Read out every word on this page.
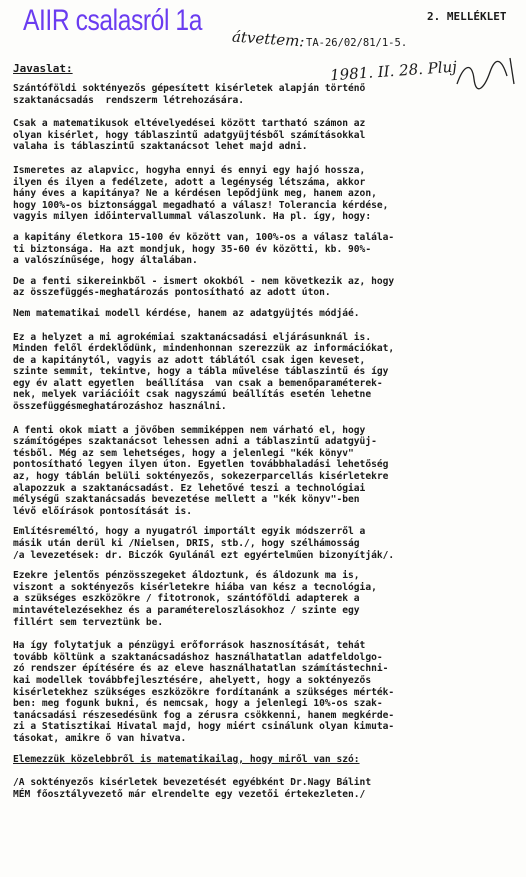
AIIR csalasról 1a	2. MELLÉKLET
átvettem: TA-26/02/81/1-5.
1981. II. 28. Pluj
Javaslat:

Szántóföldi soktényezős gépesített kisérletek alapján történő
szaktanácsadás  rendszerm létrehozására.

Csak a matematikusok eltévelyedései között tartható számon az
olyan kisérlet, hogy táblaszintű adatgyüjtésből számításokkal
valaha is táblaszintű szaktanácsot lehet majd adni.

Ismeretes az alapvicc, hogyha ennyi és ennyi egy hajó hossza,
ilyen és ilyen a fedélzete, adott a legénység létszáma, akkor
hány éves a kapitánya? Ne a kérdésen lepődjünk meg, hanem azon,
hogy 100%-os biztonsággal megadható a válasz! Tolerancia kérdése,
vagyis milyen időintervallummal válaszolunk. Ha pl. így, hogy:

a kapitány életkora 15-100 év között van, 100%-os a válasz talála-
ti biztonsága. Ha azt mondjuk, hogy 35-60 év közötti, kb. 90%-
a valószínűsége, hogy általában.

De a fenti sikereinkből - ismert okokból - nem következik az, hogy
az összefüggés-meghatározás pontosítható az adott úton.

Nem matematikai modell kérdése, hanem az adatgyüjtés módjáé.

Ez a helyzet a mi agrokémiai szaktanácsadási eljárásunknál is.
Minden felől érdeklődünk, mindenhonnan szerezzük az információkat,
de a kapitánytól, vagyis az adott táblától csak igen keveset,
szinte semmit, tekintve, hogy a tábla művelése táblaszintű és így
egy év alatt egyetlen  beállítása  van csak a bemenőparaméterek-
nek, melyek variációit csak nagyszámú beállítás esetén lehetne
összefüggésmeghatározáshoz használni.

A fenti okok miatt a jövőben semmiképpen nem várható el, hogy
számítógépes szaktanácsot lehessen adni a táblaszintű adatgyüj-
tésből. Még az sem lehetséges, hogy a jelenlegi "kék könyv"
pontosítható legyen ilyen úton. Egyetlen továbbhaladási lehetőség
az, hogy táblán belüli soktényezős, sokezerparcellás kisérletekre
alapozzuk a szaktanácsadást. Ez lehetővé teszi a technológiai
mélységű szaktanácsadás bevezetése mellett a "kék könyv"-ben
lévő előírások pontosítását is.

Említésreméltó, hogy a nyugatról importált egyik módszerről a
másik után derül ki /Nielsen, DRIS, stb./, hogy szélhámosság
/a levezetések: dr. Biczók Gyulánál ezt egyértelműen bizonyítják/.

Ezekre jelentős pénzösszegeket áldoztunk, és áldozunk ma is,
viszont a soktényezős kisérletekre hiába van kész a tecnológia,
a szükséges eszközökre / fitotronok, szántóföldi adapterek a
mintavételezésekhez és a paramétereloszlásokhoz / szinte egy
fillért sem terveztünk be.

Ha így folytatjuk a pénzügyi erőforrások hasznosítását, tehát
tovább költünk a szaktanácsadáshoz használhatatlan adatfeldolgo-
zó rendszer építésére és az eleve használhatatlan számítástechni-
kai modellek továbbfejlesztésére, ahelyett, hogy a soktényezős
kisérletekhez szükséges eszközökre fordítanánk a szükséges mérték-
ben: meg fogunk bukni, és nemcsak, hogy a jelenlegi 10%-os szak-
tanácsadási részesedésünk fog a zérusra csökkenni, hanem megkérde-
zi a Statisztikai Hivatal majd, hogy miért csinálunk olyan kimuta-
tásokat, amikre ő van hivatva.

Elemezzük közelebbről is matematikailag, hogy miről van szó:

/A soktényezős kisérletek bevezetését egyébként Dr.Nagy Bálint
MÉM főosztályvezető már elrendelte egy vezetői értekezleten./
